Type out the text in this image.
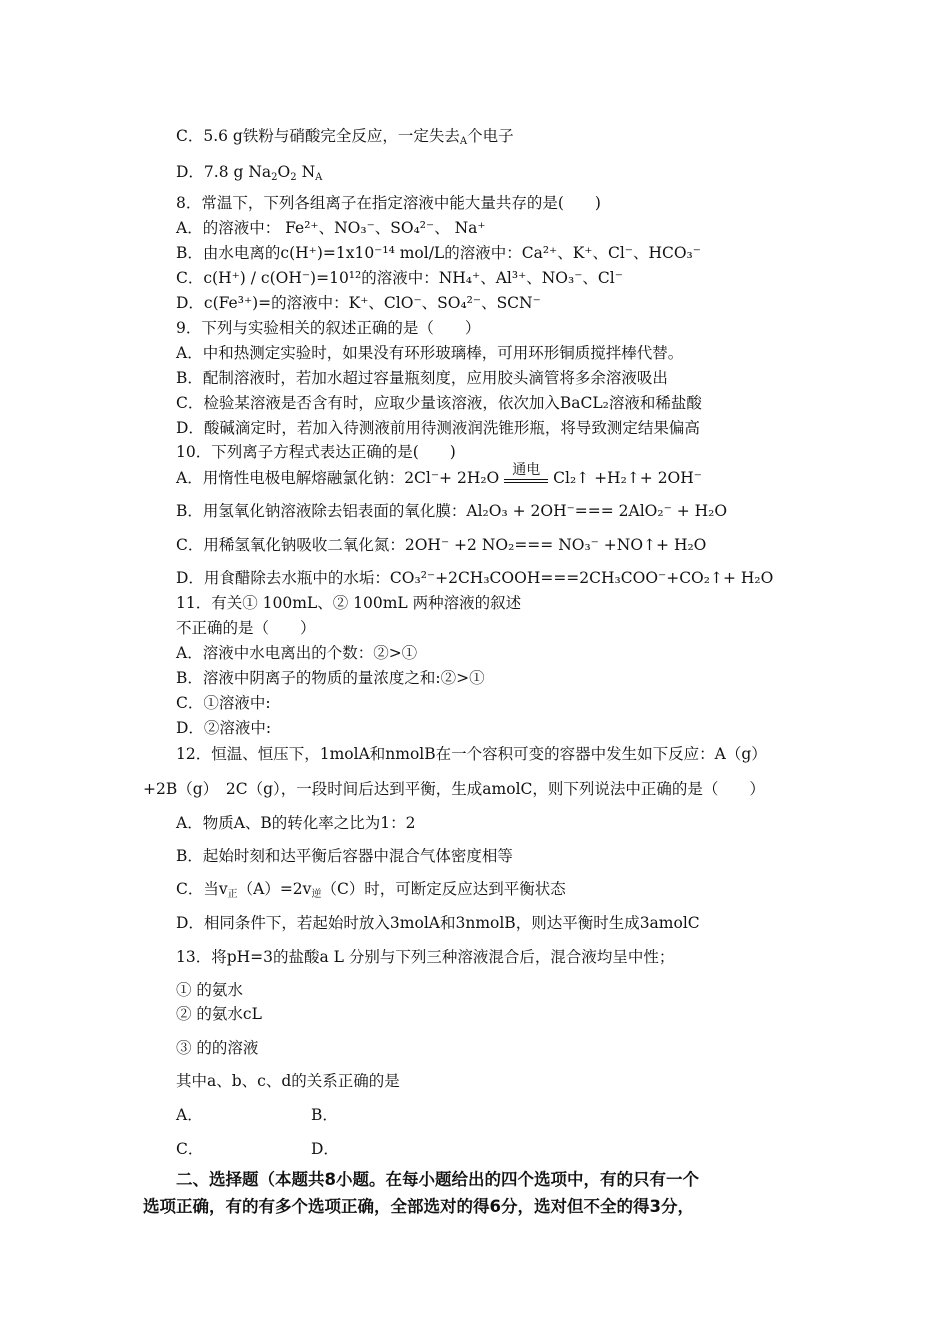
C．5.6 g铁粉与硝酸完全反应，一定失去$_A$个电子
D．7.8 g $Na_2O_2$ $N_A$
8．常温下，下列各组离子在指定溶液中能大量共存的是(　　)
A．的溶液中： Fe²⁺、NO₃⁻、SO₄²⁻、 Na⁺
B．由水电离的c(H⁺)=1x10⁻¹⁴ mol/L的溶液中：Ca²⁺、K⁺、Cl⁻、HCO₃⁻
C．c(H⁺) / c(OH⁻)=10¹²的溶液中：NH₄⁺、Al³⁺、NO₃⁻、Cl⁻
D．c(Fe³⁺)=的溶液中：K⁺、ClO⁻、SO₄²⁻、SCN⁻
9．下列与实验相关的叙述正确的是（　　）
A．中和热测定实验时，如果没有环形玻璃棒，可用环形铜质搅拌棒代替。
B．配制溶液时，若加水超过容量瓶刻度，应用胶头滴管将多余溶液吸出
C．检验某溶液是否含有时，应取少量该溶液，依次加入BaCL₂溶液和稀盐酸
D．酸碱滴定时，若加入待测液前用待测液润洗锥形瓶，将导致测定结果偏高
10．下列离子方程式表达正确的是(　　)
A．用惰性电极电解熔融氯化钠：2Cl⁻+ 2H₂O 通电 Cl₂↑ +H₂↑+ 2OH⁻
B．用氢氧化钠溶液除去铝表面的氧化膜：Al₂O₃ + 2OH⁻=== 2AlO₂⁻ + H₂O
C．用稀氢氧化钠吸收二氧化氮：2OH⁻ +2 NO₂=== NO₃⁻ +NO↑+ H₂O
D．用食醋除去水瓶中的水垢：CO₃²⁻+2CH₃COOH===2CH₃COO⁻+CO₂↑+ H₂O
11．有关① 100mL、② 100mL 两种溶液的叙述
不正确的是（　　）
A．溶液中水电离出的个数：②>①
B．溶液中阴离子的物质的量浓度之和:②>①
C．①溶液中:
D．②溶液中:
12．恒温、恒压下，1molA和nmolB在一个容积可变的容器中发生如下反应：A（g）
+2B（g）　2C（g），一段时间后达到平衡，生成amolC，则下列说法中正确的是（　　）
A．物质A、B的转化率之比为1：2
B．起始时刻和达平衡后容器中混合气体密度相等
C．当$v_正(A)=2v_逆(C)$时，可断定反应达到平衡状态
D．相同条件下，若起始时放入3molA和3nmolB，则达平衡时生成3amolC
13．将pH=3的盐酸a L 分别与下列三种溶液混合后，混合液均呈中性；
① 的氨水
② 的氨水cL
③ 的的溶液
其中a、b、c、d的关系正确的是
A．	B．
C．	D．
二、选择题（本题共8小题。在每小题给出的四个选项中，有的只有一个
选项正确，有的有多个选项正确，全部选对的得6分，选对但不全的得3分，
